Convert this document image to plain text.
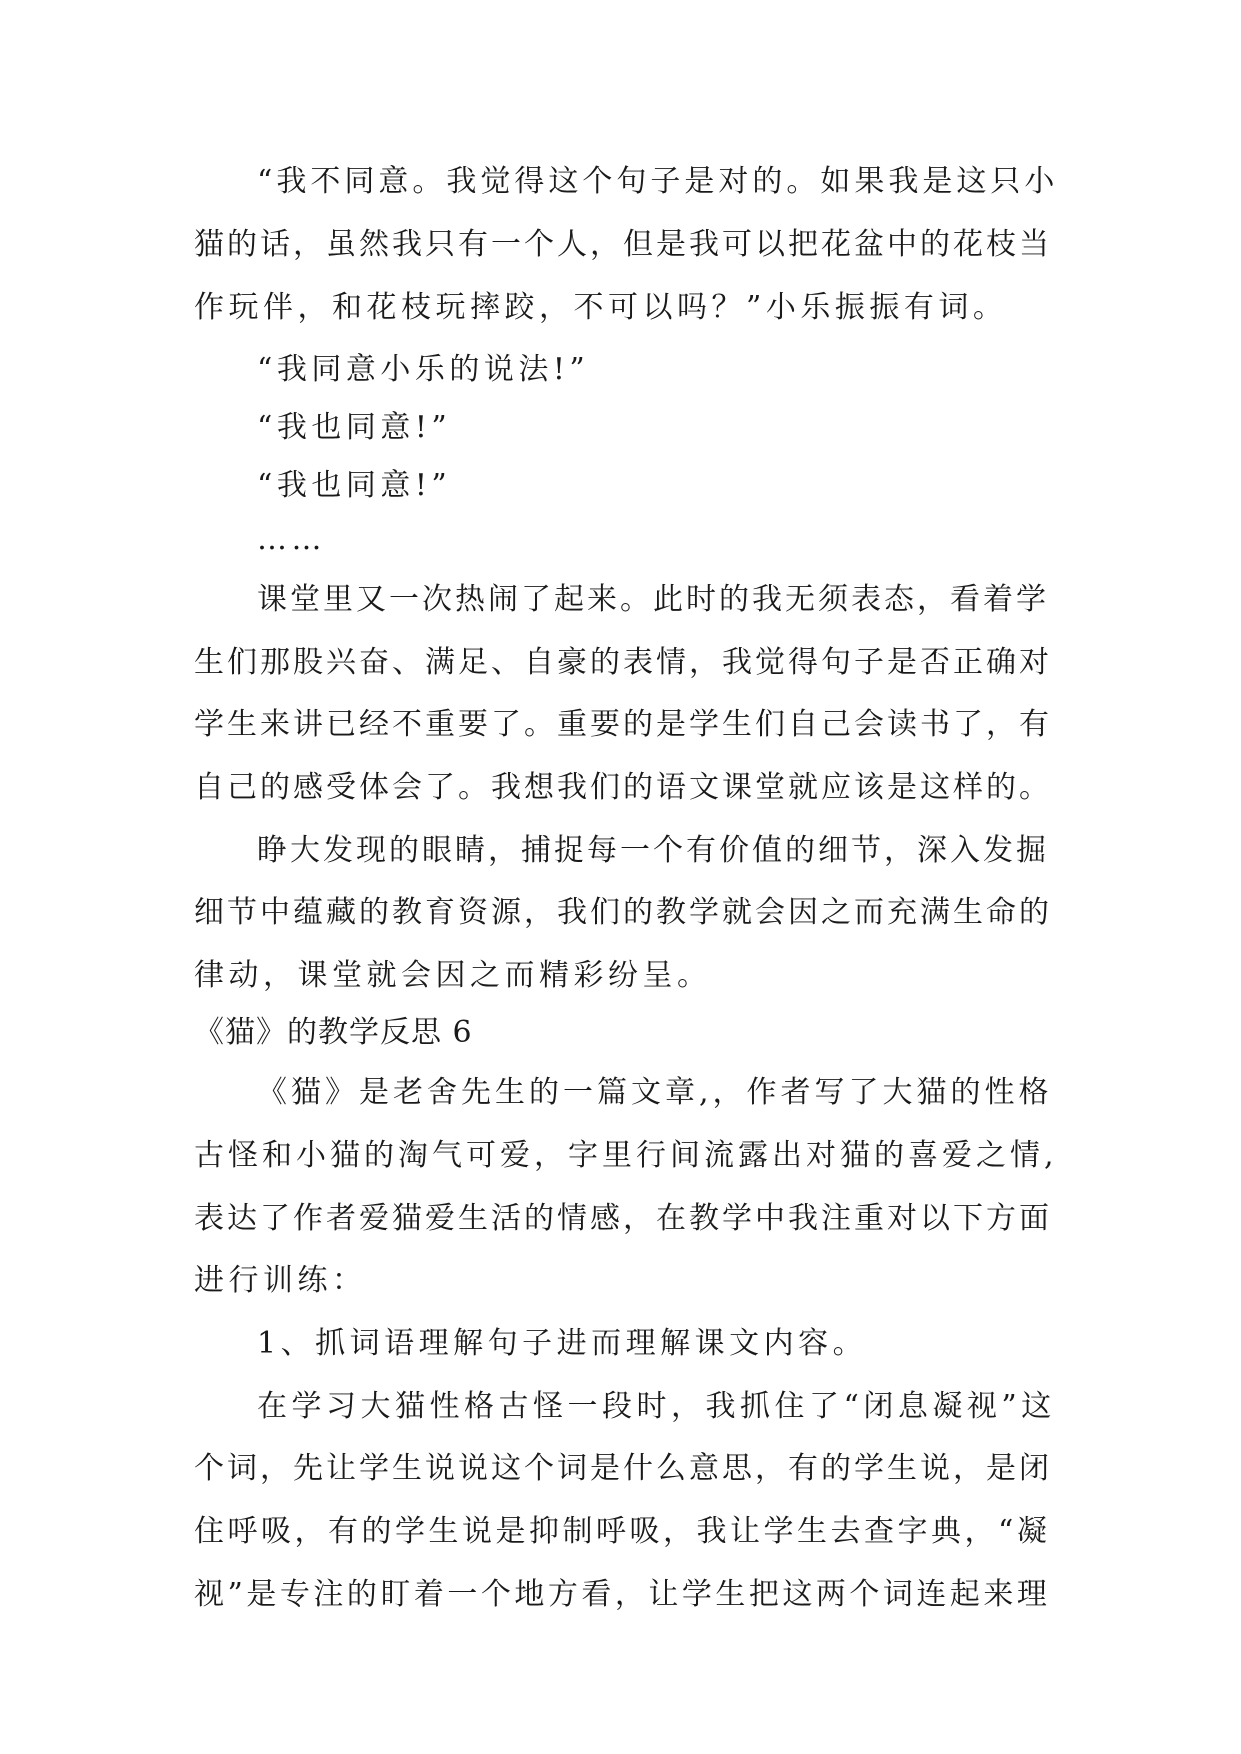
“我不同意。我觉得这个句子是对的。如果我是这只小
猫的话，虽然我只有一个人，但是我可以把花盆中的花枝当
作玩伴，和花枝玩摔跤，不可以吗？”小乐振振有词。
“我同意小乐的说法!”
“我也同意!”
“我也同意!”
……
课堂里又一次热闹了起来。此时的我无须表态，看着学
生们那股兴奋、满足、自豪的表情，我觉得句子是否正确对
学生来讲已经不重要了。重要的是学生们自己会读书了，有
自己的感受体会了。我想我们的语文课堂就应该是这样的。
睁大发现的眼睛，捕捉每一个有价值的细节，深入发掘
细节中蕴藏的教育资源，我们的教学就会因之而充满生命的
律动，课堂就会因之而精彩纷呈。
《猫》的教学反思 6
《猫》是老舍先生的一篇文章,，作者写了大猫的性格
古怪和小猫的淘气可爱，字里行间流露出对猫的喜爱之情,
表达了作者爱猫爱生活的情感，在教学中我注重对以下方面
进行训练：
1、抓词语理解句子进而理解课文内容。
在学习大猫性格古怪一段时，我抓住了“闭息凝视”这
个词，先让学生说说这个词是什么意思，有的学生说，是闭
住呼吸，有的学生说是抑制呼吸，我让学生去查字典，“凝
视”是专注的盯着一个地方看，让学生把这两个词连起来理
